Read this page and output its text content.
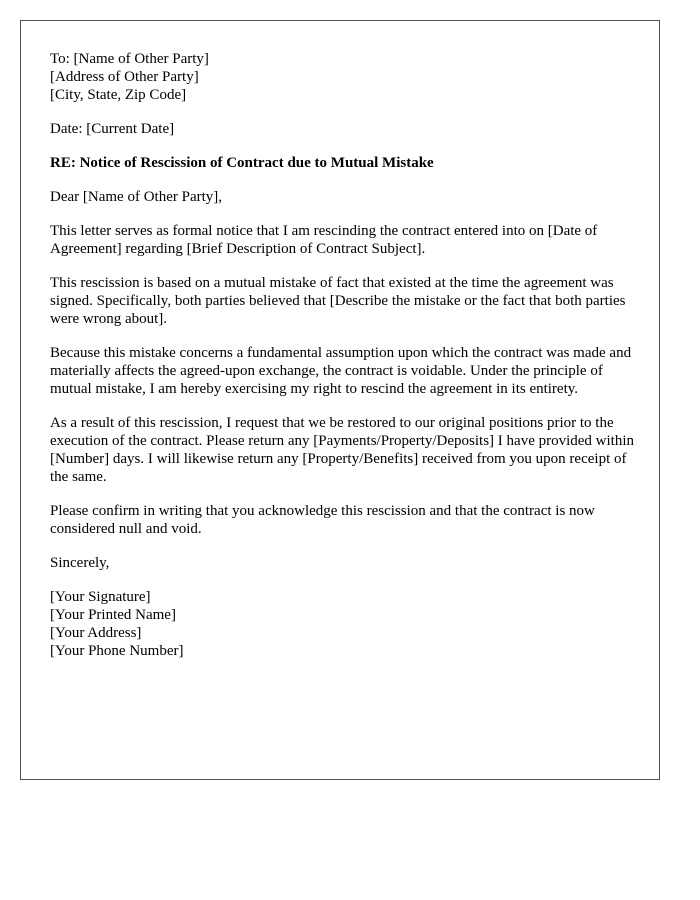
To: [Name of Other Party]
[Address of Other Party]
[City, State, Zip Code]
Date: [Current Date]
RE: Notice of Rescission of Contract due to Mutual Mistake
Dear [Name of Other Party],

This letter serves as formal notice that I am rescinding the contract entered into on [Date of Agreement] regarding [Brief Description of Contract Subject].

This rescission is based on a mutual mistake of fact that existed at the time the agreement was signed. Specifically, both parties believed that [Describe the mistake or the fact that both parties were wrong about].

Because this mistake concerns a fundamental assumption upon which the contract was made and materially affects the agreed-upon exchange, the contract is voidable. Under the principle of mutual mistake, I am hereby exercising my right to rescind the agreement in its entirety.

As a result of this rescission, I request that we be restored to our original positions prior to the execution of the contract. Please return any [Payments/Property/Deposits] I have provided within [Number] days. I will likewise return any [Property/Benefits] received from you upon receipt of the same.

Please confirm in writing that you acknowledge this rescission and that the contract is now considered null and void.

Sincerely,
[Your Signature]
[Your Printed Name]
[Your Address]
[Your Phone Number]
